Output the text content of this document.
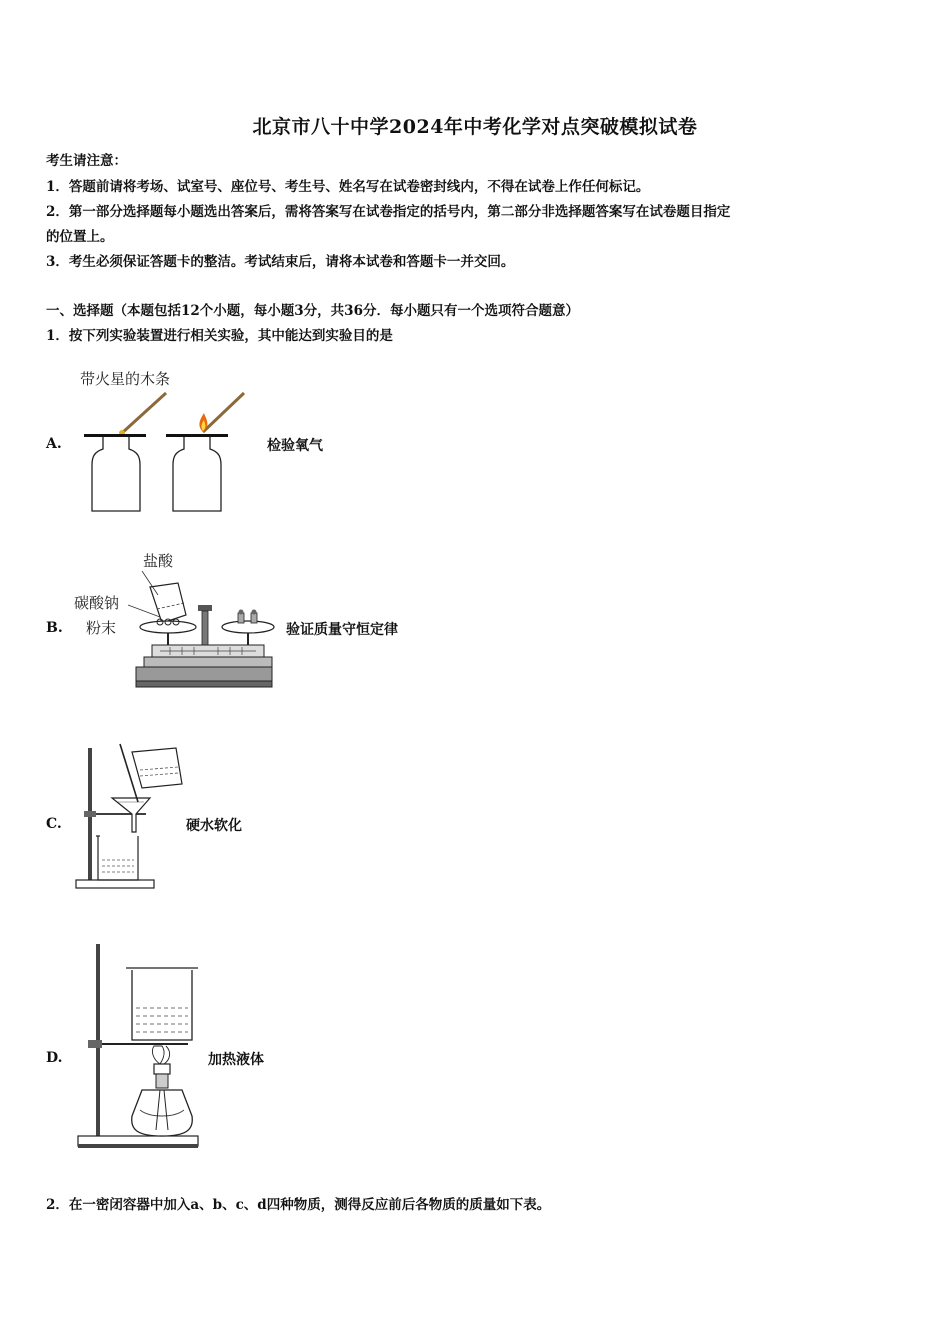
北京市八十中学2024年中考化学对点突破模拟试卷
考生请注意：
1．答题前请将考场、试室号、座位号、考生号、姓名写在试卷密封线内，不得在试卷上作任何标记。
2．第一部分选择题每小题选出答案后，需将答案写在试卷指定的括号内，第二部分非选择题答案写在试卷题目指定
的位置上。
3．考生必须保证答题卡的整洁。考试结束后，请将本试卷和答题卡一并交回。
一、选择题（本题包括12个小题，每小题3分，共36分．每小题只有一个选项符合题意）
1．按下列实验装置进行相关实验，其中能达到实验目的是
A.	检验氧气
带火星的木条
B.	验证质量守恒定律
盐酸
碳酸钠
粉末
C.	硬水软化
D.	加热液体
2．在一密闭容器中加入a、b、c、d四种物质，测得反应前后各物质的质量如下表。
